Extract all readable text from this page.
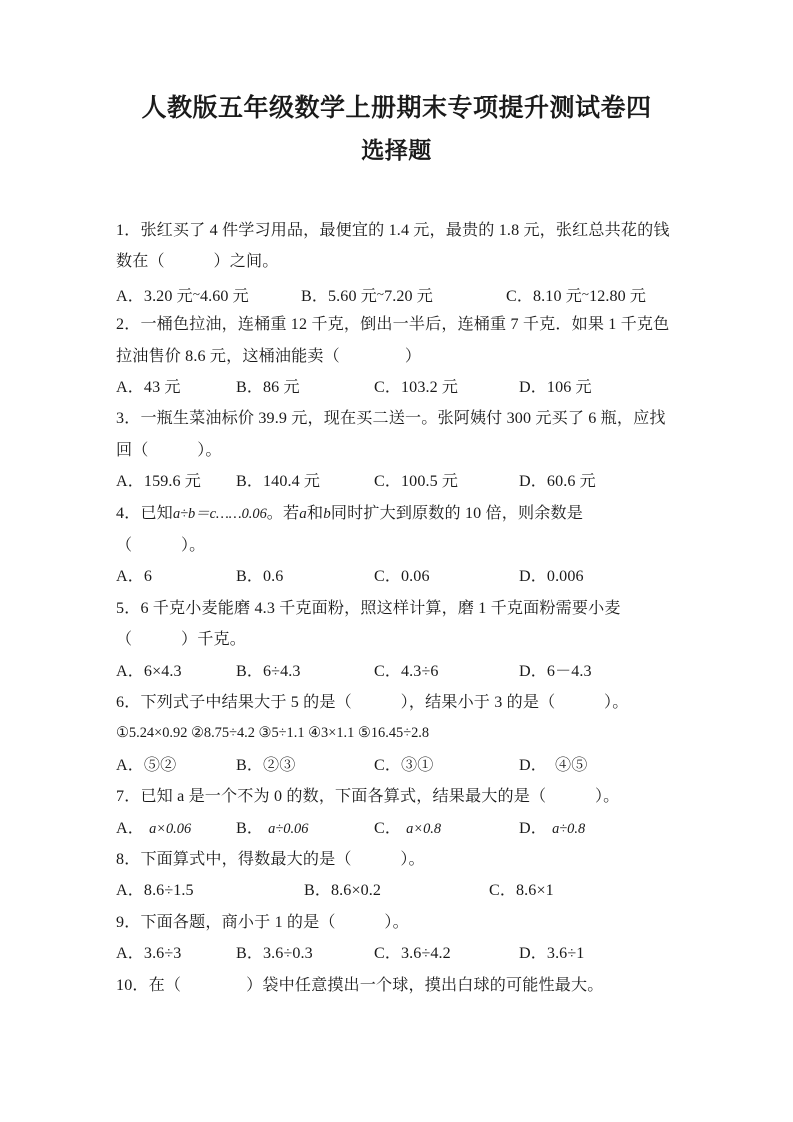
人教版五年级数学上册期末专项提升测试卷四
选择题
1．张红买了 4 件学习用品，最便宜的 1.4 元，最贵的 1.8 元，张红总共花的钱
数在（　　　）之间。
A．3.20 元~4.60 元	B．5.60 元~7.20 元	C．8.10 元~12.80 元
2．一桶色拉油，连桶重 12 千克，倒出一半后，连桶重 7 千克．如果 1 千克色
拉油售价 8.6 元，这桶油能卖（　　　　）
A．43 元	B．86 元	C．103.2 元	D．106 元
3．一瓶生菜油标价 39.9 元，现在买二送一。张阿姨付 300 元买了 6 瓶，应找
回（　　　）。
A．159.6 元 B．140.4 元	C．100.5 元	D．60.6 元
4．已知a÷b＝c……0.06。若a和b同时扩大到原数的 10 倍，则余数是
（　　　）。
A．6	B．0.6	C．0.06	D．0.006
5．6 千克小麦能磨 4.3 千克面粉，照这样计算，磨 1 千克面粉需要小麦
（　　　）千克。
A．6×4.3	B．6÷4.3	C．4.3÷6	D．6－4.3
6．下列式子中结果大于 5 的是（　　　），结果小于 3 的是（　　　）。
①5.24×0.92 ②8.75÷4.2 ③5÷1.1 ④3×1.1 ⑤16.45÷2.8
A．⑤②	B．②③	C．③①	D．　④⑤
7．已知 a 是一个不为 0 的数，下面各算式，结果最大的是（　　　）。
A． a×0.06	B． a÷0.06	C． a×0.8	D． a÷0.8
8．下面算式中，得数最大的是（　　　）。
A．8.6÷1.5	B．8.6×0.2	C．8.6×1
9．下面各题，商小于 1 的是（　　　）。
A．3.6÷3	B．3.6÷0.3	C．3.6÷4.2	D．3.6÷1
10．在（　　　　）袋中任意摸出一个球，摸出白球的可能性最大。
